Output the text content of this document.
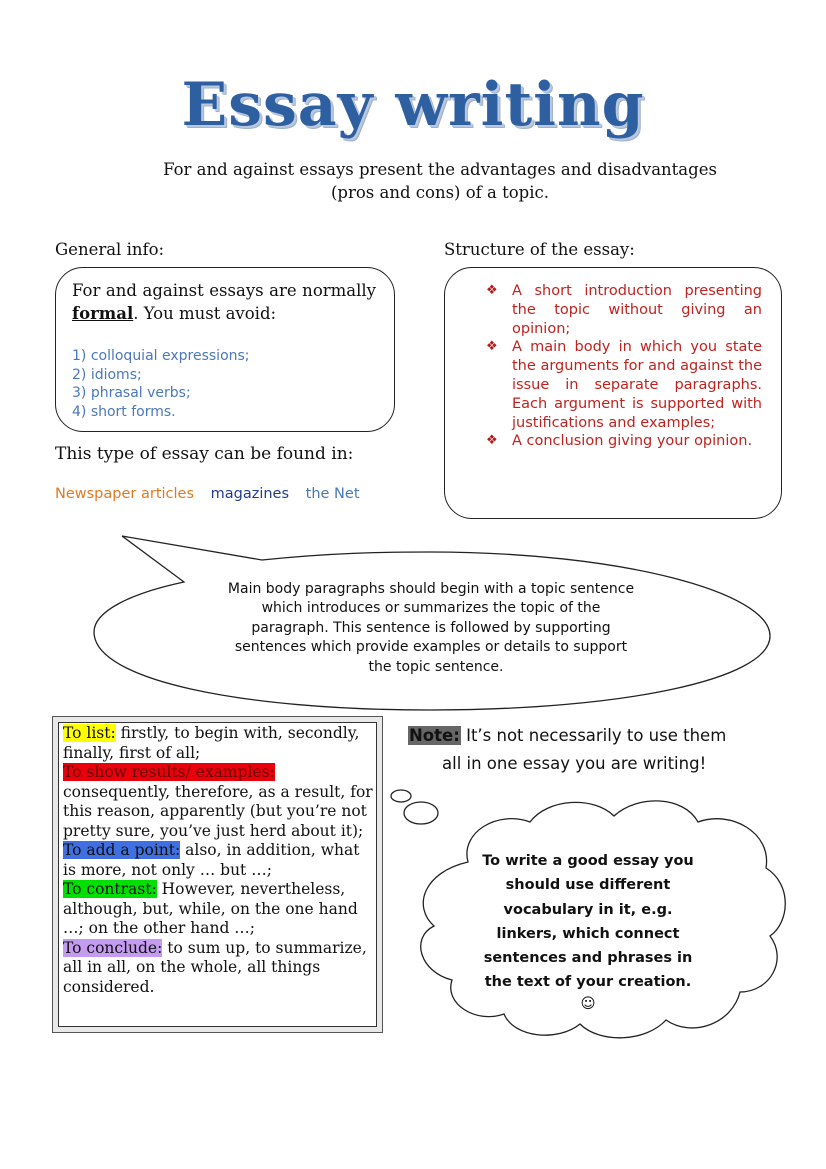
Essay writing
For and against essays present the advantages and disadvantages
(pros and cons) of a topic.
General info:
For and against essays are normally formal. You must avoid:
1) colloquial expressions;
2) idioms;
3) phrasal verbs;
4) short forms.
This type of essay can be found in:
Newspaper articles magazines the Net
Structure of the essay:
❖ A short introduction presenting the topic without giving an opinion;
❖ A main body in which you state the arguments for and against the issue in separate paragraphs. Each argument is supported with justifications and examples;
❖ A conclusion giving your opinion.
Main body paragraphs should begin with a topic sentence
which introduces or summarizes the topic of the
paragraph. This sentence is followed by supporting
sentences which provide examples or details to support
the topic sentence.
To list: firstly, to begin with, secondly, finally, first of all;
To show results/ examples:
consequently, therefore, as a result, for this reason, apparently (but you’re not pretty sure, you’ve just herd about it);
To add a point: also, in addition, what is more, not only … but …;
To contrast: However, nevertheless, although, but, while, on the one hand …; on the other hand …;
To conclude: to sum up, to summarize, all in all, on the whole, all things considered.
Note: It’s not necessarily to use them
all in one essay you are writing!
To write a good essay you
should use different
vocabulary in it, e.g.
linkers, which connect
sentences and phrases in
the text of your creation.
☺
